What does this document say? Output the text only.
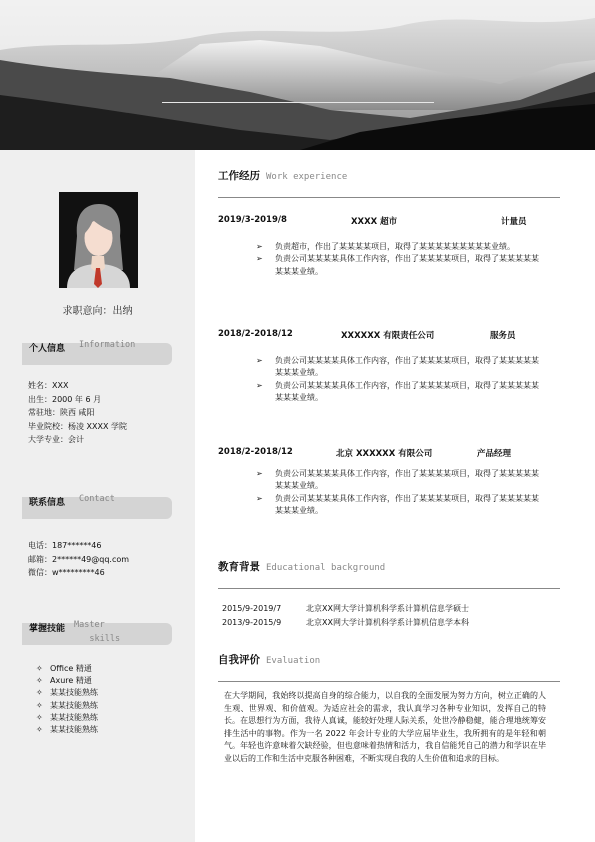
求职意向：出纳
个人信息 Information
姓名：XXX
出生：2000 年 6 月
常驻地：陕西 咸阳
毕业院校：杨凌 XXXX 学院
大学专业：会计
联系信息 Contact
电话：187******46
邮箱：2******49@qq.com
微信：w*********46
掌握技能 Master
skills
✧ Office 精通
✧ Axure 精通
✧ 某某技能熟练
✧ 某某技能熟练
✧ 某某技能熟练
✧ 某某技能熟练
工作经历 Work experience
2019/3-2019/8	XXXX 超市	计量员
➢ 负责超市，作出了某某某某项目，取得了某某某某某某某某某业绩。
➢ 负责公司某某某某具体工作内容，作出了某某某某项目，取得了某某某某某某某某业绩。
2018/2-2018/12	XXXXXX 有限责任公司	服务员
➢ 负责公司某某某某具体工作内容，作出了某某某某项目，取得了某某某某某某某某业绩。
➢ 负责公司某某某某具体工作内容，作出了某某某某项目，取得了某某某某某某某某业绩。
2018/2-2018/12	北京 XXXXXX 有限公司	产品经理
➢ 负责公司某某某某具体工作内容，作出了某某某某项目，取得了某某某某某某某某业绩。
➢ 负责公司某某某某具体工作内容，作出了某某某某项目，取得了某某某某某某某某业绩。
教育背景 Educational background
2015/9-2019/7	北京XX网大学计算机科学系计算机信息学硕士
2013/9-2015/9	北京XX网大学计算机科学系计算机信息学本科
自我评价 Evaluation
在大学期间，我始终以提高自身的综合能力，以自我的全面发展为努力方向，树立正确的人生观、世界观、和价值观。为适应社会的需求，我认真学习各种专业知识，发挥自己的特长。在思想行为方面，我待人真诚，能较好处理人际关系，处世冷静稳健，能合理地统筹安排生活中的事物。作为一名 2022 年会计专业的大学应届毕业生，我所拥有的是年轻和朝气。年轻也许意味着欠缺经验，但也意味着热情和活力，我自信能凭自己的潜力和学识在毕业以后的工作和生活中克服各种困难，不断实现自我的人生价值和追求的目标。
